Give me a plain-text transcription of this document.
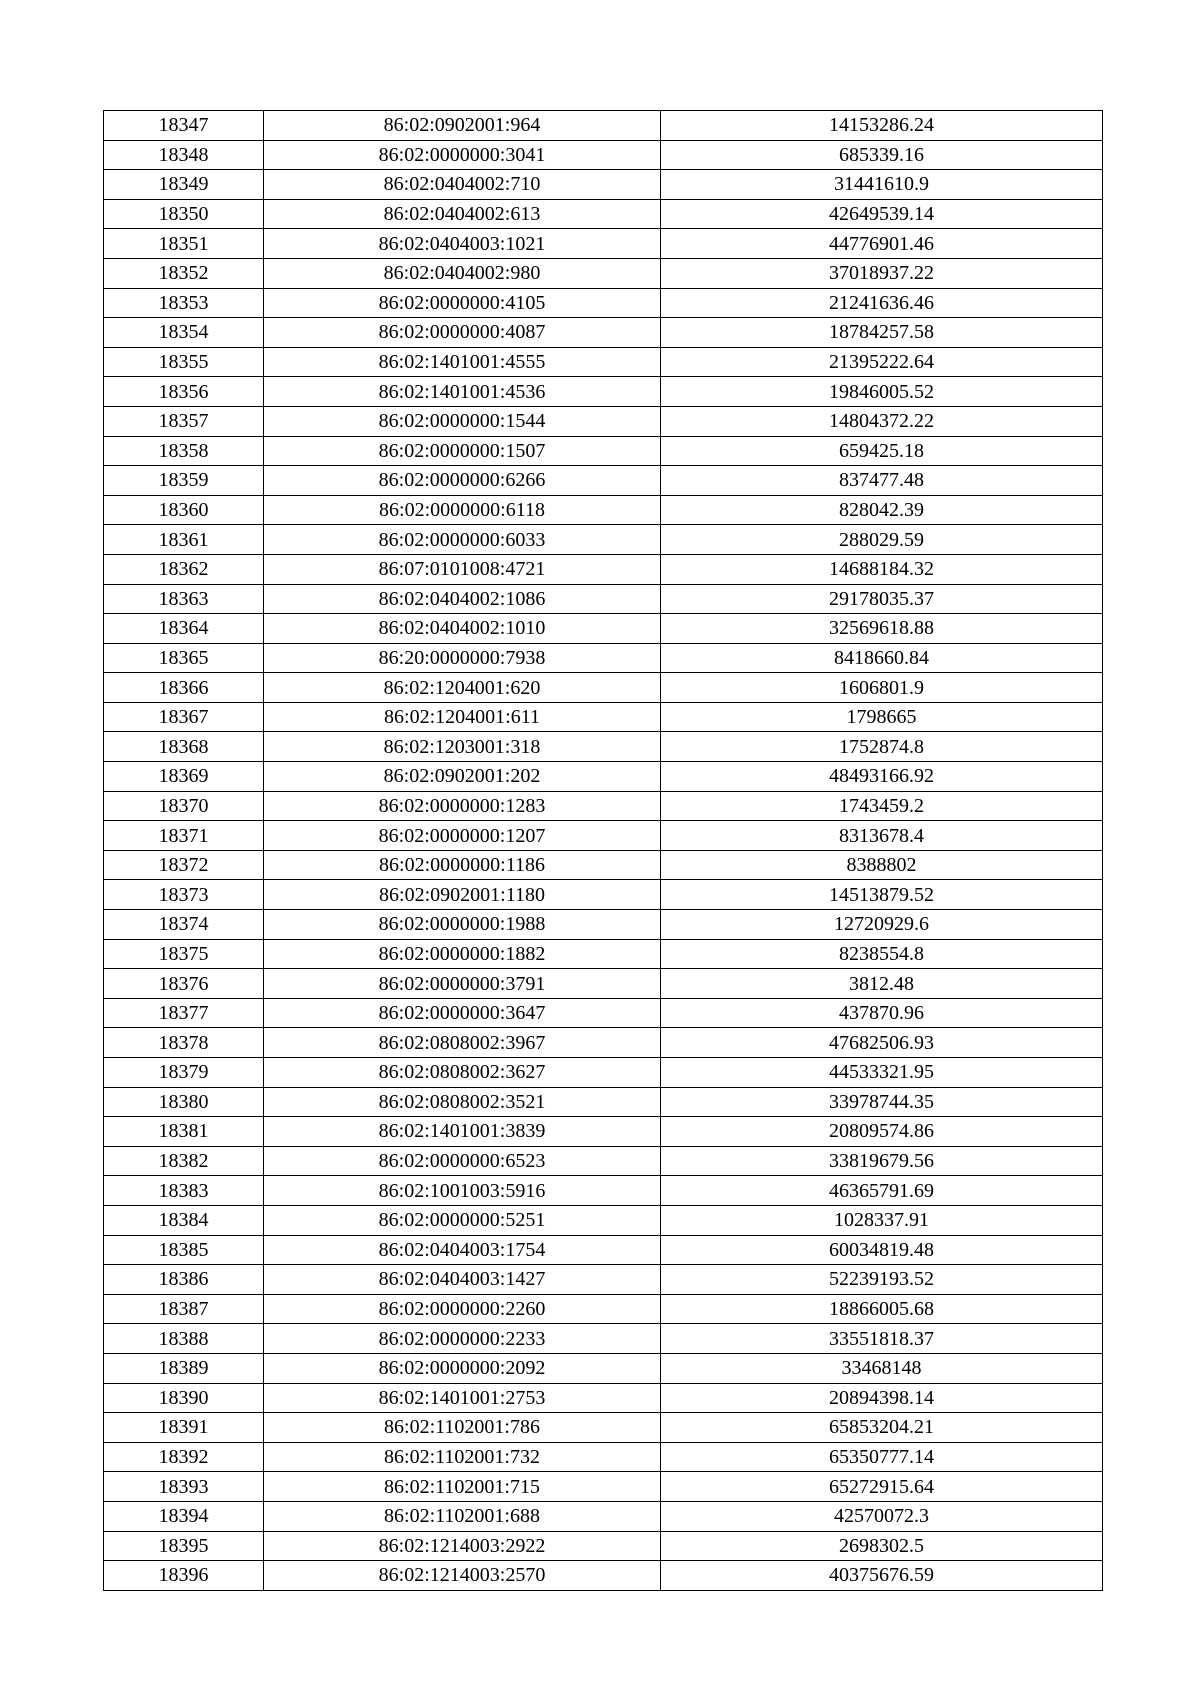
18347	86:02:0902001:964	14153286.24
18348	86:02:0000000:3041	685339.16
18349	86:02:0404002:710	31441610.9
18350	86:02:0404002:613	42649539.14
18351	86:02:0404003:1021	44776901.46
18352	86:02:0404002:980	37018937.22
18353	86:02:0000000:4105	21241636.46
18354	86:02:0000000:4087	18784257.58
18355	86:02:1401001:4555	21395222.64
18356	86:02:1401001:4536	19846005.52
18357	86:02:0000000:1544	14804372.22
18358	86:02:0000000:1507	659425.18
18359	86:02:0000000:6266	837477.48
18360	86:02:0000000:6118	828042.39
18361	86:02:0000000:6033	288029.59
18362	86:07:0101008:4721	14688184.32
18363	86:02:0404002:1086	29178035.37
18364	86:02:0404002:1010	32569618.88
18365	86:20:0000000:7938	8418660.84
18366	86:02:1204001:620	1606801.9
18367	86:02:1204001:611	1798665
18368	86:02:1203001:318	1752874.8
18369	86:02:0902001:202	48493166.92
18370	86:02:0000000:1283	1743459.2
18371	86:02:0000000:1207	8313678.4
18372	86:02:0000000:1186	8388802
18373	86:02:0902001:1180	14513879.52
18374	86:02:0000000:1988	12720929.6
18375	86:02:0000000:1882	8238554.8
18376	86:02:0000000:3791	3812.48
18377	86:02:0000000:3647	437870.96
18378	86:02:0808002:3967	47682506.93
18379	86:02:0808002:3627	44533321.95
18380	86:02:0808002:3521	33978744.35
18381	86:02:1401001:3839	20809574.86
18382	86:02:0000000:6523	33819679.56
18383	86:02:1001003:5916	46365791.69
18384	86:02:0000000:5251	1028337.91
18385	86:02:0404003:1754	60034819.48
18386	86:02:0404003:1427	52239193.52
18387	86:02:0000000:2260	18866005.68
18388	86:02:0000000:2233	33551818.37
18389	86:02:0000000:2092	33468148
18390	86:02:1401001:2753	20894398.14
18391	86:02:1102001:786	65853204.21
18392	86:02:1102001:732	65350777.14
18393	86:02:1102001:715	65272915.64
18394	86:02:1102001:688	42570072.3
18395	86:02:1214003:2922	2698302.5
18396	86:02:1214003:2570	40375676.59
